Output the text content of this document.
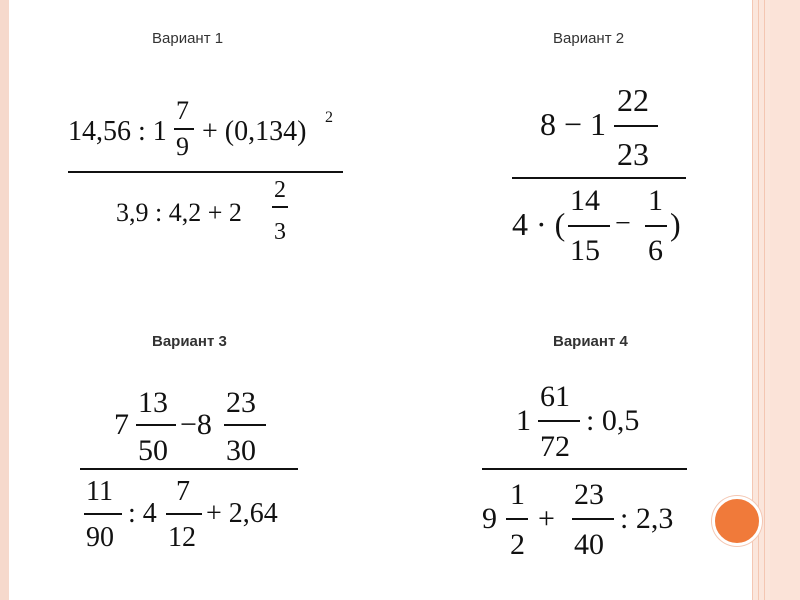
Вариант 1	Вариант 2
Вариант 3	Вариант 4
14,56 : 1
7
9 + (0,134) 2
3,9 : 4,2 + 2
2
3
8 − 1
22
23
4 · (
14
15
−
1
6
)
7
13
50
−8
23
30
11
90
: 4
7
12
+ 2,64
1
61
72
: 0,5
9
1
2
+
23
40
: 2,3
